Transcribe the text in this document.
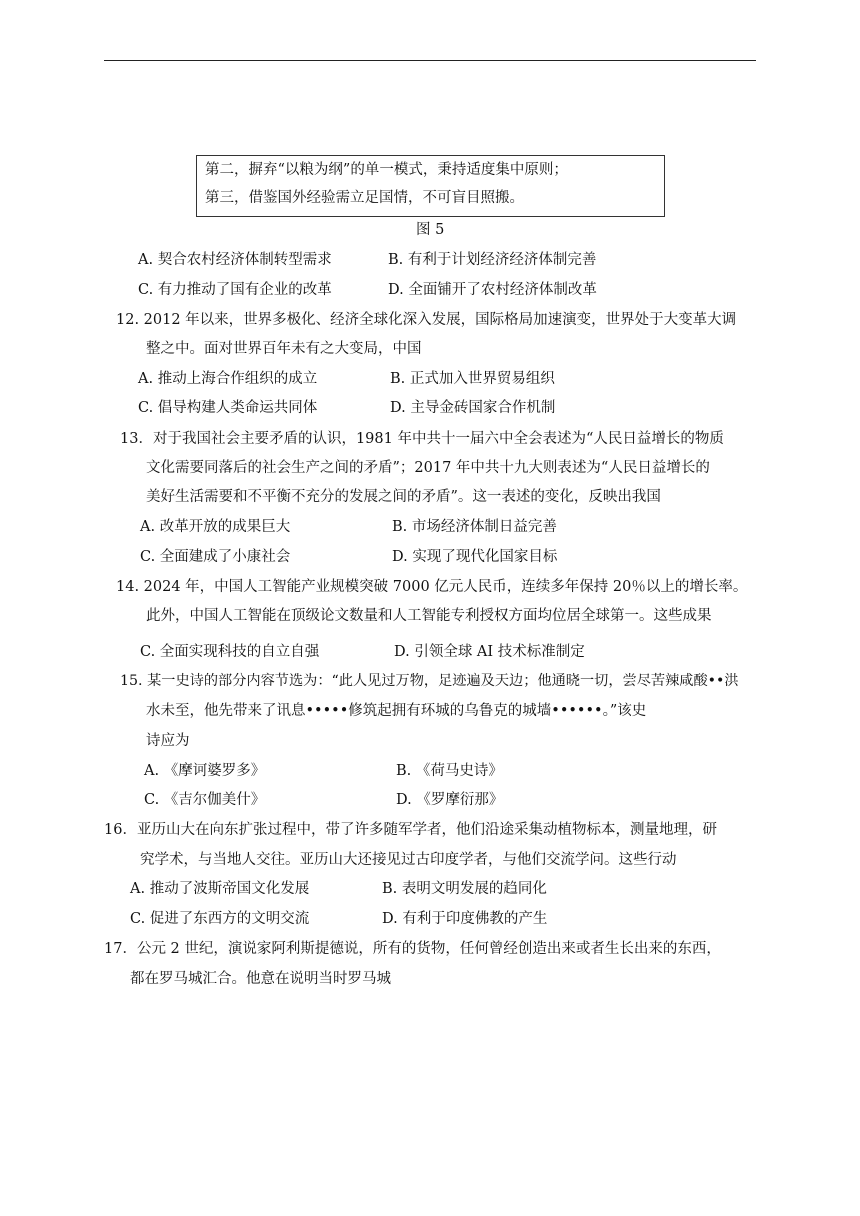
第二，摒弃“以粮为纲”的单一模式，秉持适度集中原则；
第三，借鉴国外经验需立足国情，不可盲目照搬。
图 5
A. 契合农村经济体制转型需求	B. 有利于计划经济经济体制完善
C. 有力推动了国有企业的改革	D. 全面铺开了农村经济体制改革
12. 2012 年以来，世界多极化、经济全球化深入发展，国际格局加速演变，世界处于大变革大调
整之中。面对世界百年未有之大变局，中国
A. 推动上海合作组织的成立	B. 正式加入世界贸易组织
C. 倡导构建人类命运共同体	D. 主导金砖国家合作机制
13．对于我国社会主要矛盾的认识，1981 年中共十一届六中全会表述为“人民日益增长的物质
文化需要同落后的社会生产之间的矛盾”；2017 年中共十九大则表述为“人民日益增长的
美好生活需要和不平衡不充分的发展之间的矛盾”。这一表述的变化，反映出我国
A. 改革开放的成果巨大	B. 市场经济体制日益完善
C. 全面建成了小康社会	D. 实现了现代化国家目标
14. 2024 年，中国人工智能产业规模突破 7000 亿元人民币，连续多年保持 20％以上的增长率。
此外，中国人工智能在顶级论文数量和人工智能专利授权方面均位居全球第一。这些成果
C. 全面实现科技的自立自强	D. 引领全球 AI 技术标准制定
15. 某一史诗的部分内容节选为：“此人见过万物，足迹遍及天边；他通晓一切，尝尽苦辣咸酸••洪
水未至，他先带来了讯息•••••修筑起拥有环城的乌鲁克的城墙••••••。”该史
诗应为
A. 《摩诃婆罗多》	B. 《荷马史诗》
C. 《吉尔伽美什》	D. 《罗摩衍那》
16．亚历山大在向东扩张过程中，带了许多随军学者，他们沿途采集动植物标本，测量地理，研
究学术，与当地人交往。亚历山大还接见过古印度学者，与他们交流学问。这些行动
A. 推动了波斯帝国文化发展	B. 表明文明发展的趋同化
C. 促进了东西方的文明交流	D. 有利于印度佛教的产生
17．公元 2 世纪，演说家阿利斯提德说，所有的货物，任何曾经创造出来或者生长出来的东西，
都在罗马城汇合。他意在说明当时罗马城
